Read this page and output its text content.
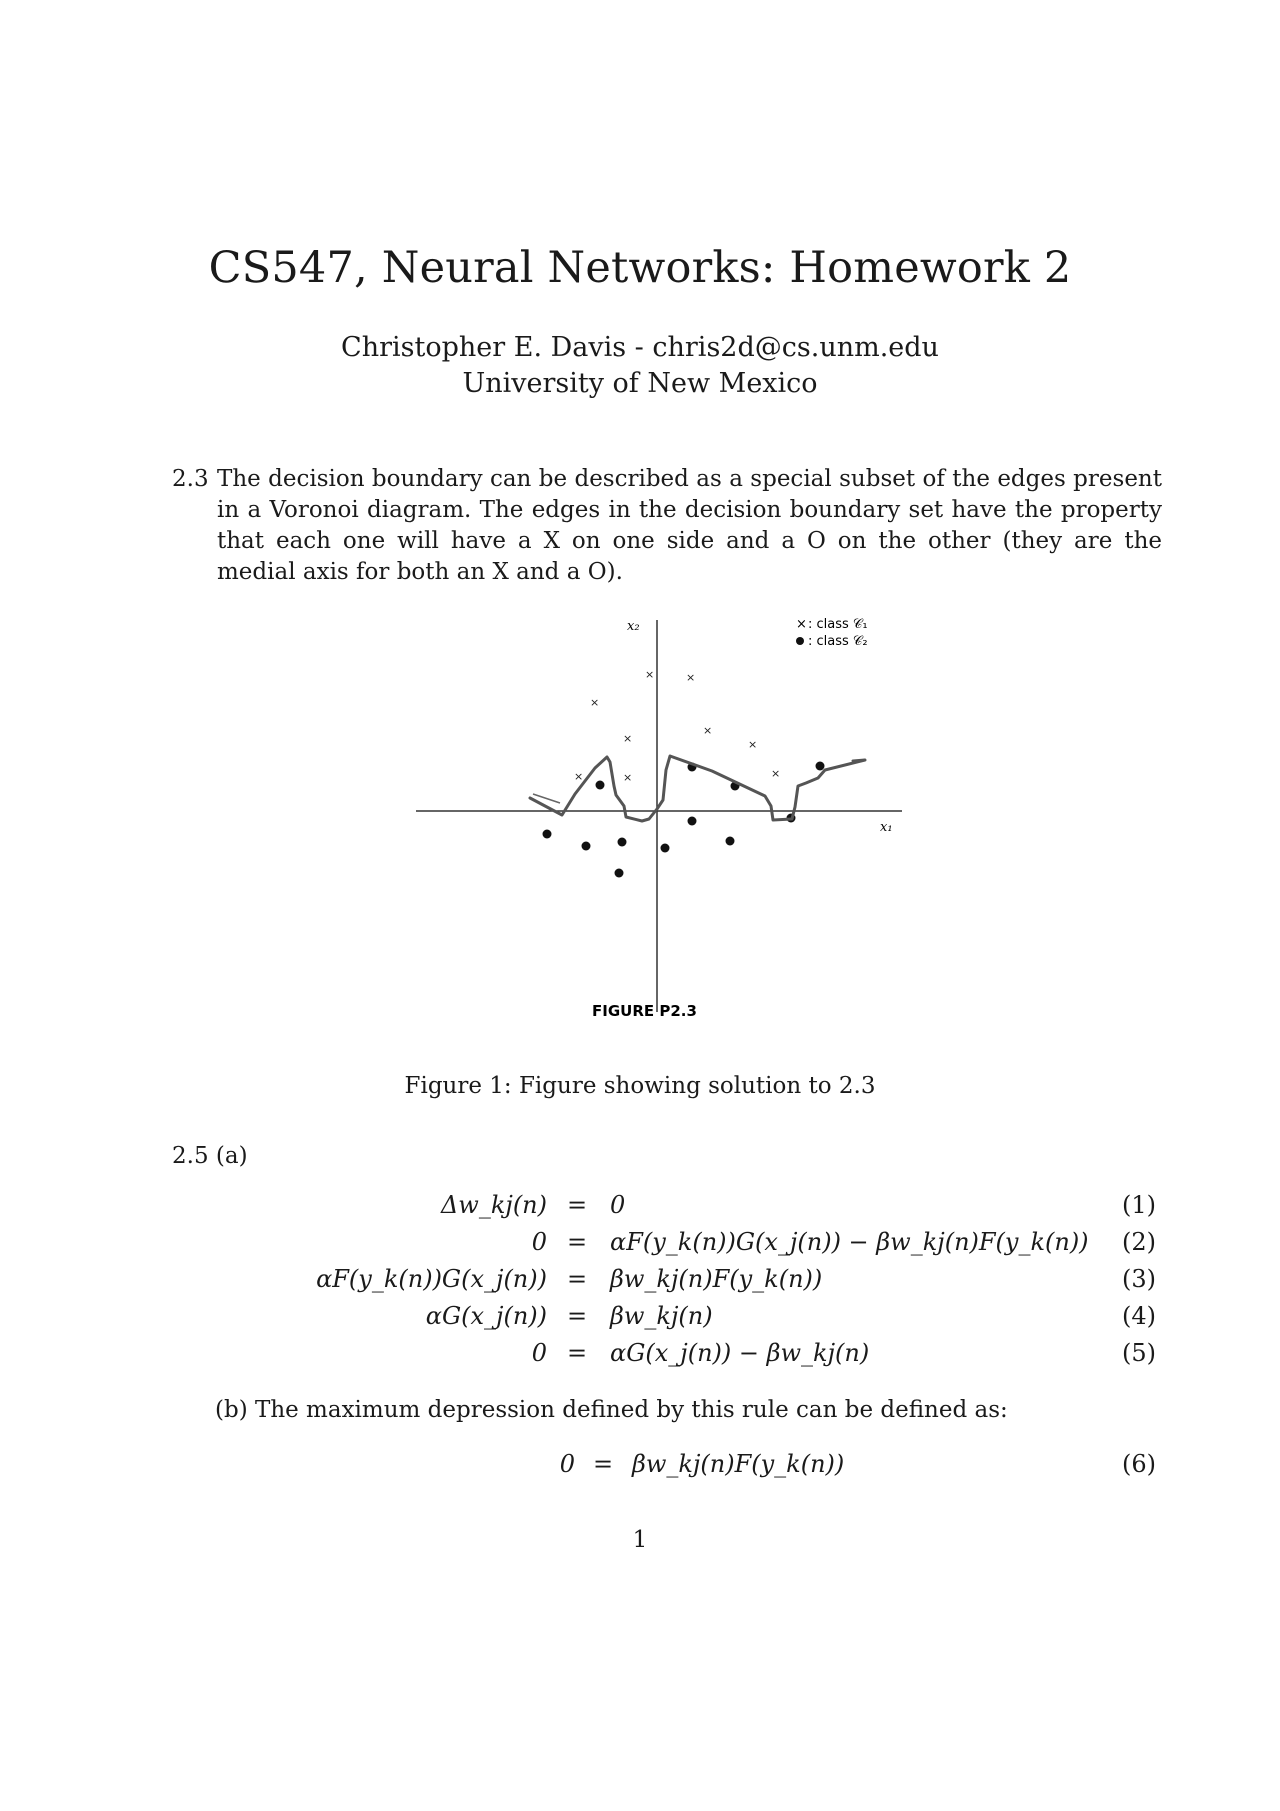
CS547, Neural Networks: Homework 2
Christopher E. Davis - chris2d@cs.unm.edu
University of New Mexico
2.3 The decision boundary can be described as a special subset of the edges present in a Voronoi diagram. The edges in the decision boundary set have the property that each one will have a X on one side and a O on the other (they are the medial axis for both an X and a O).
x₂
x₁
× : class 𝒞₁
: class 𝒞₂
×	×
×
×
×	×
×	×	×
FIGURE P2.3
Figure 1: Figure showing solution to 2.3
2.5 (a)
Δw_kj(n) = 0	(1)
0 = αF(y_k(n))G(x_j(n)) − βw_kj(n)F(y_k(n)) (2)
αF(y_k(n))G(x_j(n)) = βw_kj(n)F(y_k(n))	(3)
αG(x_j(n)) = βw_kj(n)	(4)
0 = αG(x_j(n)) − βw_kj(n)	(5)
(b) The maximum depression defined by this rule can be defined as:
0 = βw_kj(n)F(y_k(n))	(6)
1
